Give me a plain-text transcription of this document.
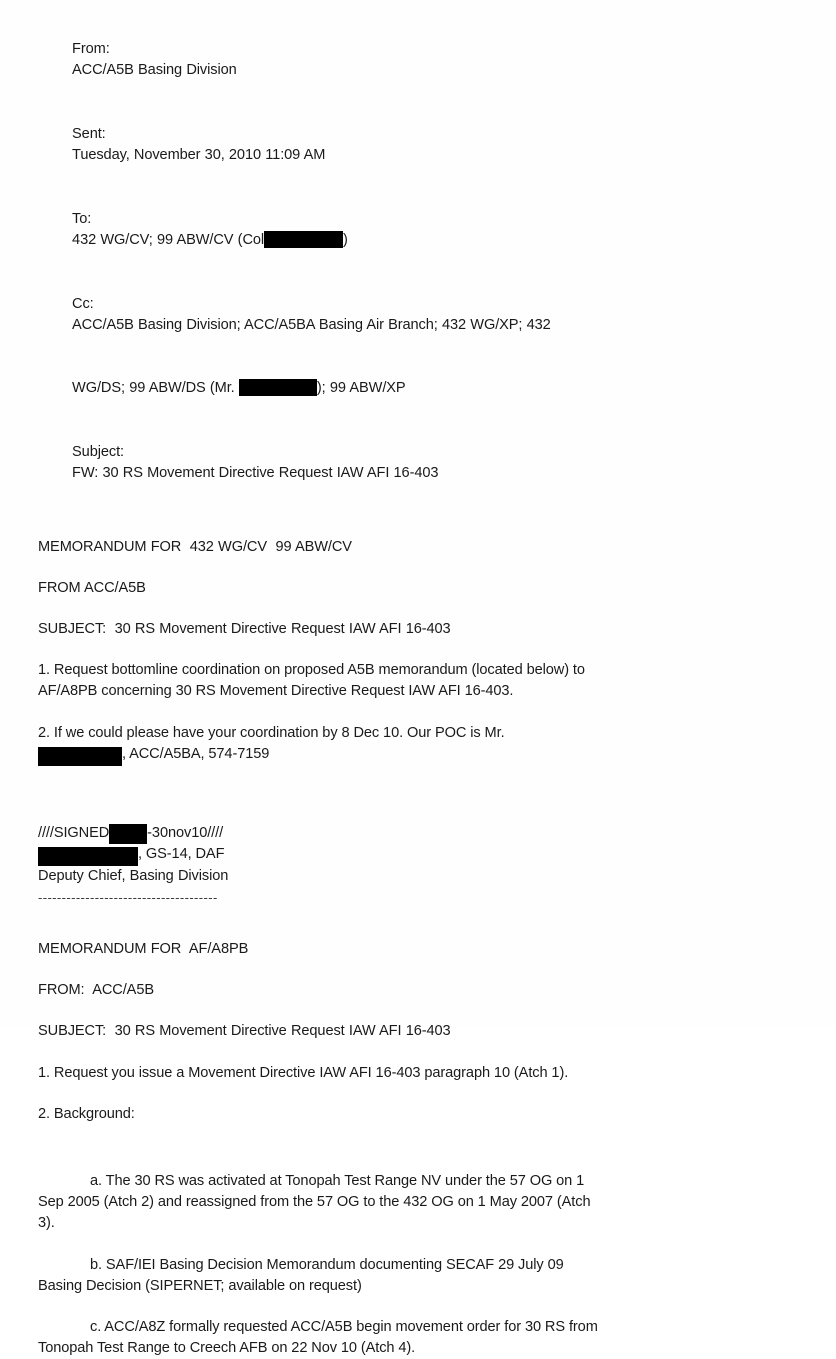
From:
ACC/A5B Basing Division

Sent:
Tuesday, November 30, 2010 11:09 AM

To:
432 WG/CV; 99 ABW/CV (Col	)

Cc:
ACC/A5B Basing Division; ACC/A5BA Basing Air Branch; 432 WG/XP; 432

WG/DS; 99 ABW/DS (Mr.	); 99 ABW/XP

Subject:
FW: 30 RS Movement Directive Request IAW AFI 16-403

MEMORANDUM FOR  432 WG/CV  99 ABW/CV
FROM ACC/A5B
SUBJECT:  30 RS Movement Directive Request IAW AFI 16-403
1. Request bottomline coordination on proposed A5B memorandum (located below) to AF/A8PB concerning 30 RS Movement Directive Request IAW AFI 16-403.
2. If we could please have your coordination by 8 Dec 10. Our POC is Mr.
, ACC/A5BA, 574-7159
////SIGNED	-30nov10////
, GS-14, DAF
Deputy Chief, Basing Division
--------------------------------------
MEMORANDUM FOR  AF/A8PB
FROM:  ACC/A5B
SUBJECT:  30 RS Movement Directive Request IAW AFI 16-403
1. Request you issue a Movement Directive IAW AFI 16-403 paragraph 10 (Atch 1).
2. Background:
a. The 30 RS was activated at Tonopah Test Range NV under the 57 OG on 1 Sep 2005 (Atch 2) and reassigned from the 57 OG to the 432 OG on 1 May 2007 (Atch 3).
b. SAF/IEI Basing Decision Memorandum documenting SECAF 29 July 09 Basing Decision (SIPERNET; available on request)
c. ACC/A8Z formally requested ACC/A5B begin movement order for 30 RS from Tonopah Test Range to Creech AFB on 22 Nov 10 (Atch 4).
